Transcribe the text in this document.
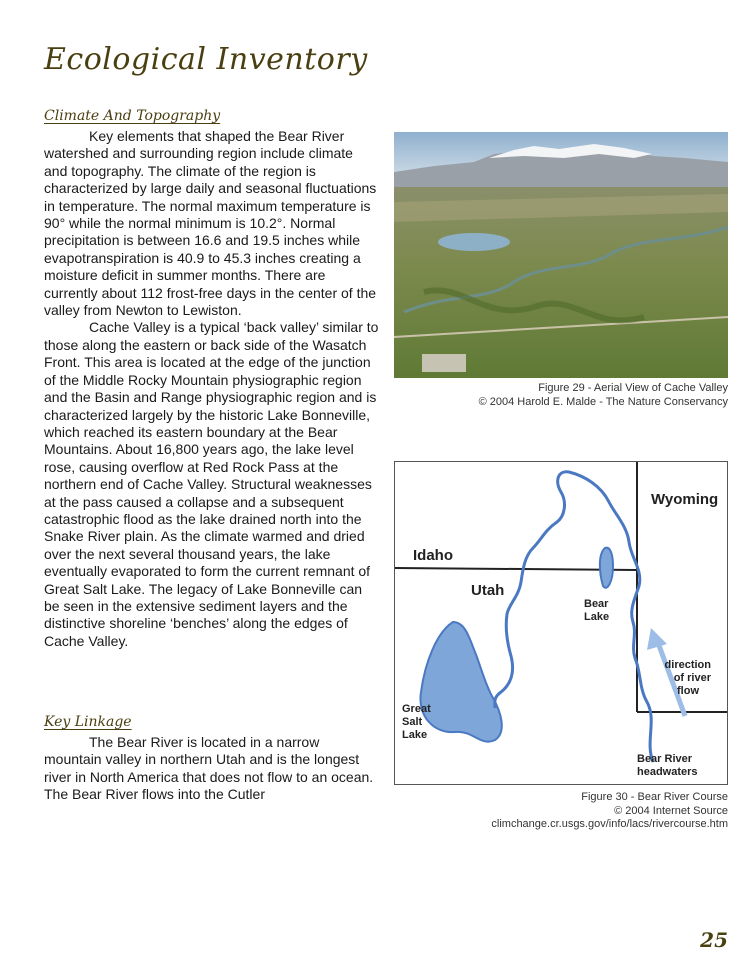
Ecological Inventory
Climate And Topography

Key elements that shaped the Bear River watershed and surrounding region include climate and topography. The climate of the region is characterized by large daily and seasonal fluctuations in temperature. The normal maximum temperature is 90° while the normal minimum is 10.2°. Normal precipitation is between 16.6 and 19.5 inches while evapotranspiration is 40.9 to 45.3 inches creating a moisture deficit in summer months. There are currently about 112 frost-free days in the center of the valley from Newton to Lewiston.

Cache Valley is a typical ‘back valley’ similar to those along the eastern or back side of the Wasatch Front. This area is located at the edge of the junction of the Middle Rocky Mountain physiographic region and the Basin and Range physiographic region and is characterized largely by the historic Lake Bonneville, which reached its eastern boundary at the Bear Mountains. About 16,800 years ago, the lake level rose, causing overflow at Red Rock Pass at the northern end of Cache Valley. Structural weaknesses at the pass caused a collapse and a subsequent catastrophic flood as the lake drained north into the Snake River plain. As the climate warmed and dried over the next several thousand years, the lake eventually evaporated to form the current remnant of Great Salt Lake. The legacy of Lake Bonneville can be seen in the extensive sediment layers and the distinctive shoreline ‘benches’ along the edges of Cache Valley.

Key Linkage

The Bear River is located in a narrow mountain valley in northern Utah and is the longest river in North America that does not flow to an ocean. The Bear River flows into the Cutler

Figure 29 - Aerial View of Cache Valley
© 2004 Harold E. Malde - The Nature Conservancy
Wyoming
Idaho
Utah
Bear
Lake
Great
Salt
Lake
direction
of river
flow
Bear River
headwaters
Figure 30 - Bear River Course
© 2004 Internet Source
climchange.cr.usgs.gov/info/lacs/rivercourse.htm
25
